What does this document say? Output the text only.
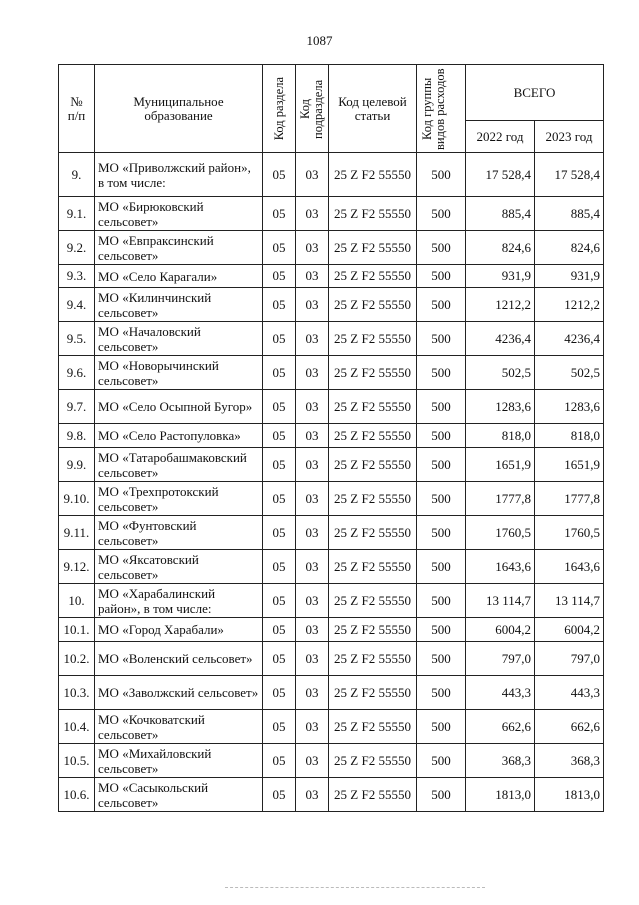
1087
№
п/п	Муниципальное образование	Код раздела	Код подраздела	Код целевой статьи	Код группы видов расходов	ВСЕГО	
						2022 год	2023 год
9.	МО «Приволжский район», в том числе:	05	03	25 Z F2 55550	500	17 528,4	17 528,4
9.1.	МО «Бирюковский сельсовет»	05	03	25 Z F2 55550	500	885,4	885,4
9.2.	МО «Евпраксинский сельсовет»	05	03	25 Z F2 55550	500	824,6	824,6
9.3.	МО «Село Карагали»	05	03	25 Z F2 55550	500	931,9	931,9
9.4.	МО «Килинчинский сельсовет»	05	03	25 Z F2 55550	500	1212,2	1212,2
9.5.	МО «Началовский сельсовет»	05	03	25 Z F2 55550	500	4236,4	4236,4
9.6.	МО «Новорычинский сельсовет»	05	03	25 Z F2 55550	500	502,5	502,5
9.7.	МО «Село Осыпной Бугор»	05	03	25 Z F2 55550	500	1283,6	1283,6
9.8.	МО «Село Растопуловка»	05	03	25 Z F2 55550	500	818,0	818,0
9.9.	МО «Татаробашмаковский сельсовет»	05	03	25 Z F2 55550	500	1651,9	1651,9
9.10.	МО «Трехпротокский сельсовет»	05	03	25 Z F2 55550	500	1777,8	1777,8
9.11.	МО «Фунтовский сельсовет»	05	03	25 Z F2 55550	500	1760,5	1760,5
9.12.	МО «Яксатовский сельсовет»	05	03	25 Z F2 55550	500	1643,6	1643,6
10.	МО «Харабалинский район», в том числе:	05	03	25 Z F2 55550	500	13 114,7	13 114,7
10.1.	МО «Город Харабали»	05	03	25 Z F2 55550	500	6004,2	6004,2
10.2.	МО «Воленский сельсовет»	05	03	25 Z F2 55550	500	797,0	797,0
10.3.	МО «Заволжский сельсовет»	05	03	25 Z F2 55550	500	443,3	443,3
10.4.	МО «Кочковатский сельсовет»	05	03	25 Z F2 55550	500	662,6	662,6
10.5.	МО «Михайловский сельсовет»	05	03	25 Z F2 55550	500	368,3	368,3
10.6.	МО «Сасыкольский сельсовет»	05	03	25 Z F2 55550	500	1813,0	1813,0
